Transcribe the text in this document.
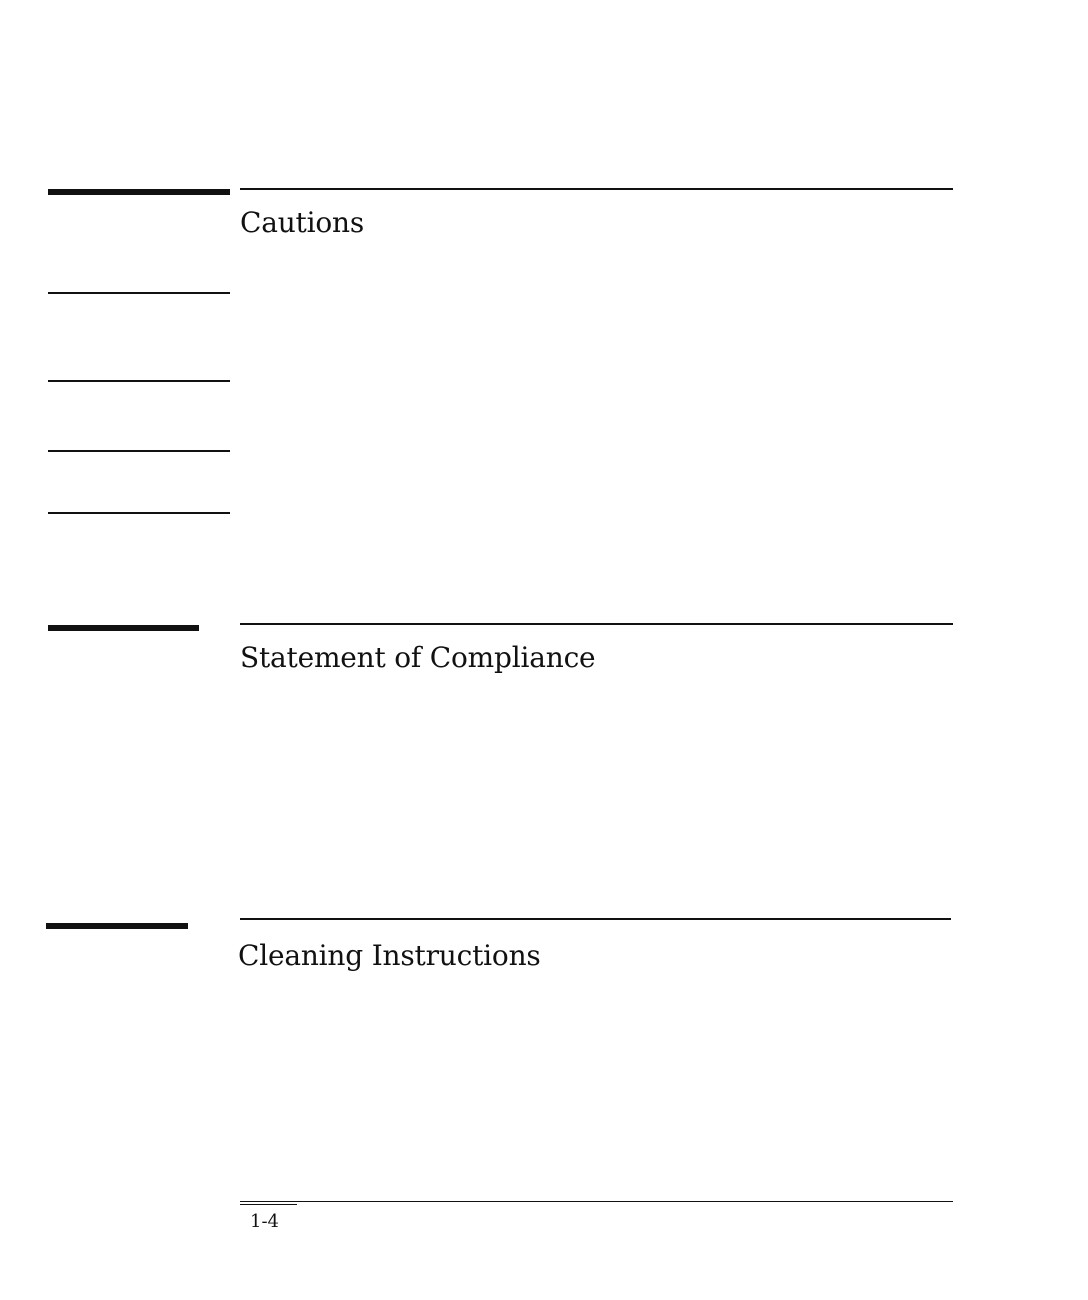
Cautions
Statement of Compliance
Cleaning Instructions
1-4
